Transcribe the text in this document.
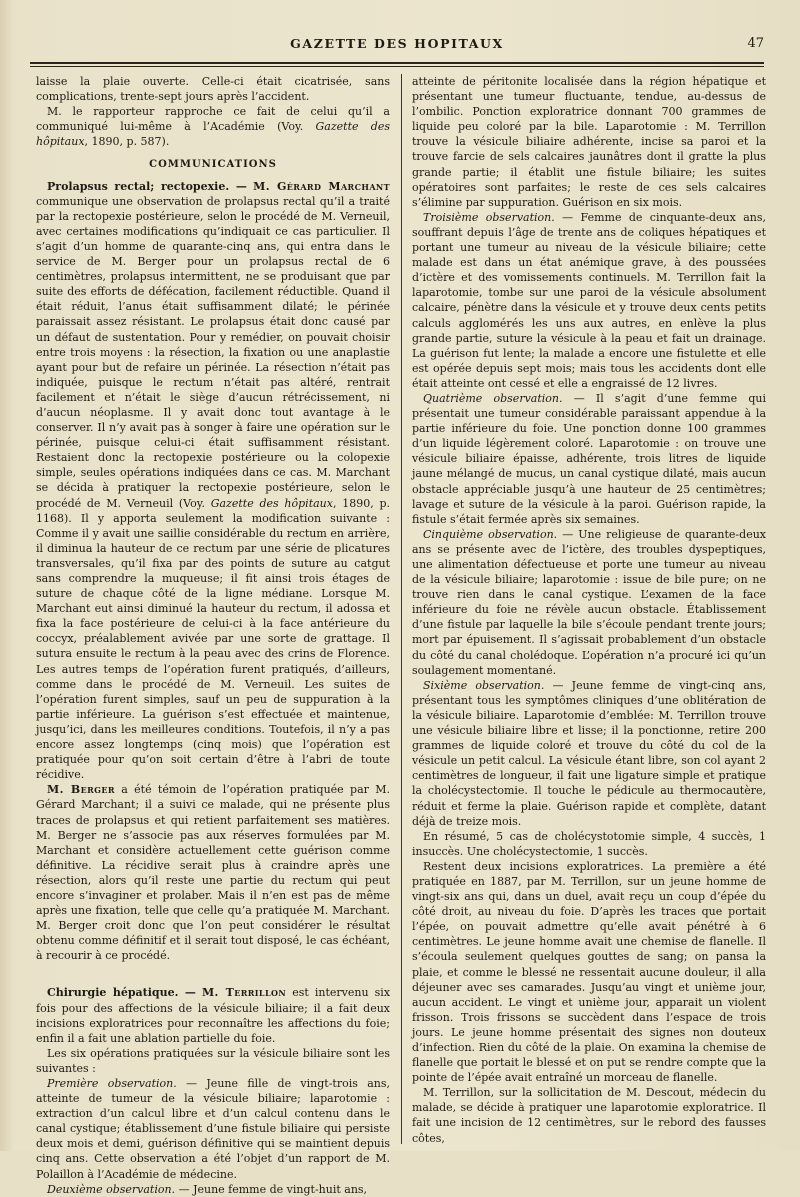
GAZETTE DES HOPITAUX	47

laisse la plaie ouverte. Celle-ci était cicatrisée, sans complications, trente-sept jours après l’accident.

M. le rapporteur rapproche ce fait de celui qu’il a communiqué lui-même à l’Académie (Voy. Gazette des hôpitaux, 1890, p. 587).

COMMUNICATIONS

Prolapsus rectal; rectopexie. — M. Gérard Marchant communique une observation de prolapsus rectal qu’il a traité par la rectopexie postérieure, selon le procédé de M. Verneuil, avec certaines modifications qu’indiquait ce cas particulier. Il s’agit d’un homme de quarante-cinq ans, qui entra dans le service de M. Berger pour un prolapsus rectal de 6 centimètres, prolapsus intermittent, ne se produisant que par suite des efforts de défécation, facilement réductible. Quand il était réduit, l’anus était suffisamment dilaté; le périnée paraissait assez résistant. Le prolapsus était donc causé par un défaut de sustentation. Pour y remédier, on pouvait choisir entre trois moyens : la résection, la fixation ou une anaplastie ayant pour but de refaire un périnée. La résection n’était pas indiquée, puisque le rectum n’était pas altéré, rentrait facilement et n’était le siège d’aucun rétrécissement, ni d’aucun néoplasme. Il y avait donc tout avantage à le conserver. Il n’y avait pas à songer à faire une opération sur le périnée, puisque celui-ci était suffisamment résistant. Restaient donc la rectopexie postérieure ou la colopexie simple, seules opérations indiquées dans ce cas. M. Marchant se décida à pratiquer la rectopexie postérieure, selon le procédé de M. Verneuil (Voy. Gazette des hôpitaux, 1890, p. 1168). Il y apporta seulement la modification suivante : Comme il y avait une saillie considérable du rectum en arrière, il diminua la hauteur de ce rectum par une série de plicatures transversales, qu’il fixa par des points de suture au catgut sans comprendre la muqueuse; il fit ainsi trois étages de suture de chaque côté de la ligne médiane. Lorsque M. Marchant eut ainsi diminué la hauteur du rectum, il adossa et fixa la face postérieure de celui-ci à la face antérieure du coccyx, préalablement avivée par une sorte de grattage. Il sutura ensuite le rectum à la peau avec des crins de Florence. Les autres temps de l’opération furent pratiqués, d’ailleurs, comme dans le procédé de M. Verneuil. Les suites de l’opération furent simples, sauf un peu de suppuration à la partie inférieure. La guérison s’est effectuée et maintenue, jusqu’ici, dans les meilleures conditions. Toutefois, il n’y a pas encore assez longtemps (cinq mois) que l’opération est pratiquée pour qu’on soit certain d’être à l’abri de toute récidive.

M. Berger a été témoin de l’opération pratiquée par M. Gérard Marchant; il a suivi ce malade, qui ne présente plus traces de prolapsus et qui retient parfaitement ses matières. M. Berger ne s’associe pas aux réserves formulées par M. Marchant et considère actuellement cette guérison comme définitive. La récidive serait plus à craindre après une résection, alors qu’il reste une partie du rectum qui peut encore s’invaginer et prolaber. Mais il n’en est pas de même après une fixation, telle que celle qu’a pratiquée M. Marchant. M. Berger croit donc que l’on peut considérer le résultat obtenu comme définitif et il serait tout disposé, le cas échéant, à recourir à ce procédé.

Chirurgie hépatique. — M. Terrillon est intervenu six fois pour des affections de la vésicule biliaire; il a fait deux incisions exploratrices pour reconnaître les affections du foie; enfin il a fait une ablation partielle du foie.

Les six opérations pratiquées sur la vésicule biliaire sont les suivantes :

Première observation. — Jeune fille de vingt-trois ans, atteinte de tumeur de la vésicule biliaire; laparotomie : extraction d’un calcul libre et d’un calcul contenu dans le canal cystique; établissement d’une fistule biliaire qui persiste deux mois et demi, guérison définitive qui se maintient depuis cinq ans. Cette observation a été l’objet d’un rapport de M. Polaillon à l’Académie de médecine.

Deuxième observation. — Jeune femme de vingt-huit ans,

atteinte de péritonite localisée dans la région hépatique et présentant une tumeur fluctuante, tendue, au-dessus de l’ombilic. Ponction exploratrice donnant 700 grammes de liquide peu coloré par la bile. Laparotomie : M. Terrillon trouve la vésicule biliaire adhérente, incise sa paroi et la trouve farcie de sels calcaires jaunâtres dont il gratte la plus grande partie; il établit une fistule biliaire; les suites opératoires sont parfaites; le reste de ces sels calcaires s’élimine par suppuration. Guérison en six mois.

Troisième observation. — Femme de cinquante-deux ans, souffrant depuis l’âge de trente ans de coliques hépatiques et portant une tumeur au niveau de la vésicule biliaire; cette malade est dans un état anémique grave, à des poussées d’ictère et des vomissements continuels. M. Terrillon fait la laparotomie, tombe sur une paroi de la vésicule absolument calcaire, pénètre dans la vésicule et y trouve deux cents petits calculs agglomérés les uns aux autres, en enlève la plus grande partie, suture la vésicule à la peau et fait un drainage. La guérison fut lente; la malade a encore une fistulette et elle est opérée depuis sept mois; mais tous les accidents dont elle était atteinte ont cessé et elle a engraissé de 12 livres.

Quatrième observation. — Il s’agit d’une femme qui présentait une tumeur considérable paraissant appendue à la partie inférieure du foie. Une ponction donne 100 grammes d’un liquide légèrement coloré. Laparotomie : on trouve une vésicule biliaire épaisse, adhérente, trois litres de liquide jaune mélangé de mucus, un canal cystique dilaté, mais aucun obstacle appréciable jusqu’à une hauteur de 25 centimètres; lavage et suture de la vésicule à la paroi. Guérison rapide, la fistule s’était fermée après six semaines.

Cinquième observation. — Une religieuse de quarante-deux ans se présente avec de l’ictère, des troubles dyspeptiques, une alimentation défectueuse et porte une tumeur au niveau de la vésicule biliaire; laparotomie : issue de bile pure; on ne trouve rien dans le canal cystique. L’examen de la face inférieure du foie ne révèle aucun obstacle. Établissement d’une fistule par laquelle la bile s’écoule pendant trente jours; mort par épuisement. Il s’agissait probablement d’un obstacle du côté du canal cholédoque. L’opération n’a procuré ici qu’un soulagement momentané.

Sixième observation. — Jeune femme de vingt-cinq ans, présentant tous les symptômes cliniques d’une oblitération de la vésicule biliaire. Laparotomie d’emblée: M. Terrillon trouve une vésicule biliaire libre et lisse; il la ponctionne, retire 200 grammes de liquide coloré et trouve du côté du col de la vésicule un petit calcul. La vésicule étant libre, son col ayant 2 centimètres de longueur, il fait une ligature simple et pratique la cholécystectomie. Il touche le pédicule au thermocautère, réduit et ferme la plaie. Guérison rapide et complète, datant déjà de treize mois.

En résumé, 5 cas de cholécystotomie simple, 4 succès, 1 insuccès. Une cholécystectomie, 1 succès.

Restent deux incisions exploratrices. La première a été pratiquée en 1887, par M. Terrillon, sur un jeune homme de vingt-six ans qui, dans un duel, avait reçu un coup d’épée du côté droit, au niveau du foie. D’après les traces que portait l’épée, on pouvait admettre qu’elle avait pénétré à 6 centimètres. Le jeune homme avait une chemise de flanelle. Il s’écoula seulement quelques gouttes de sang; on pansa la plaie, et comme le blessé ne ressentait aucune douleur, il alla déjeuner avec ses camarades. Jusqu’au vingt et unième jour, aucun accident. Le vingt et unième jour, apparait un violent frisson. Trois frissons se succèdent dans l’espace de trois jours. Le jeune homme présentait des signes non douteux d’infection. Rien du côté de la plaie. On examina la chemise de flanelle que portait le blessé et on put se rendre compte que la pointe de l’épée avait entraîné un morceau de flanelle.

M. Terrillon, sur la sollicitation de M. Descout, médecin du malade, se décide à pratiquer une laparotomie exploratrice. Il fait une incision de 12 centimètres, sur le rebord des fausses côtes,
